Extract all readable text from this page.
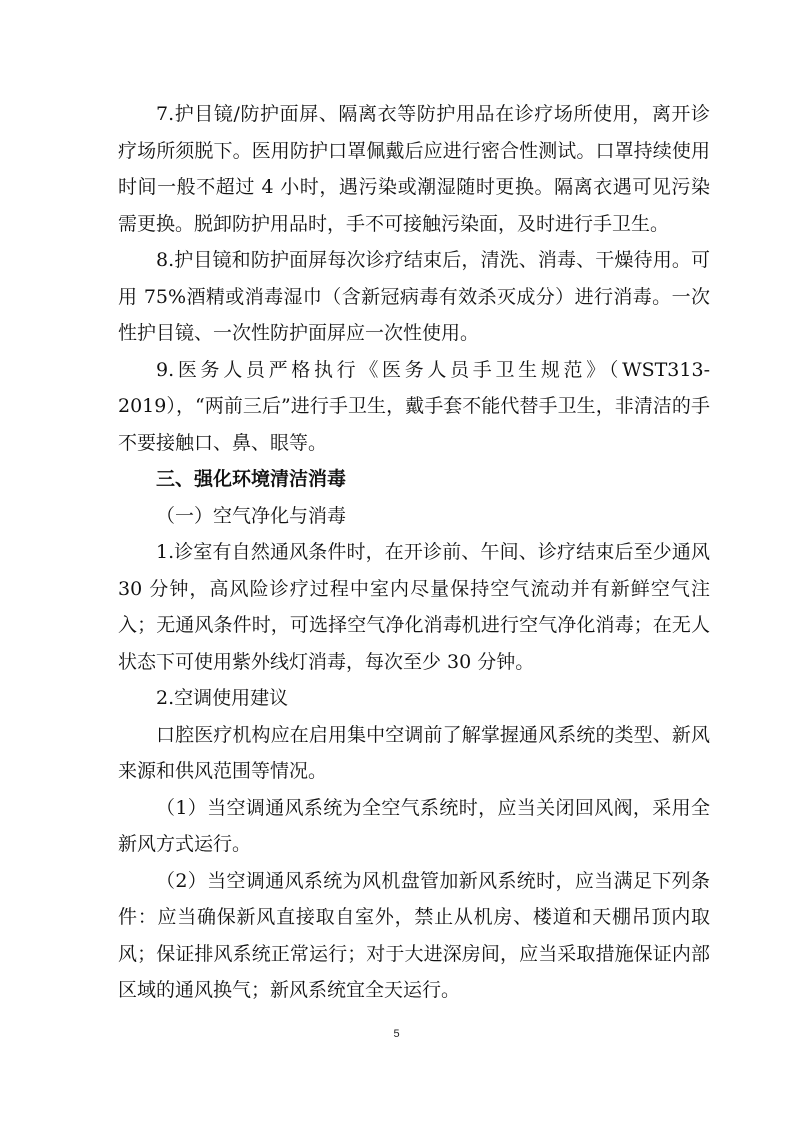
7.护目镜/防护面屏、隔离衣等防护用品在诊疗场所使用，离开诊疗场所须脱下。医用防护口罩佩戴后应进行密合性测试。口罩持续使用时间一般不超过 4 小时，遇污染或潮湿随时更换。隔离衣遇可见污染需更换。脱卸防护用品时，手不可接触污染面，及时进行手卫生。

8.护目镜和防护面屏每次诊疗结束后，清洗、消毒、干燥待用。可用 75%酒精或消毒湿巾（含新冠病毒有效杀灭成分）进行消毒。一次性护目镜、一次性防护面屏应一次性使用。

9.医务人员严格执行《医务人员手卫生规范》（WST313-2019），“两前三后”进行手卫生，戴手套不能代替手卫生，非清洁的手不要接触口、鼻、眼等。

三、强化环境清洁消毒

（一）空气净化与消毒

1.诊室有自然通风条件时，在开诊前、午间、诊疗结束后至少通风 30 分钟，高风险诊疗过程中室内尽量保持空气流动并有新鲜空气注入；无通风条件时，可选择空气净化消毒机进行空气净化消毒；在无人状态下可使用紫外线灯消毒，每次至少 30 分钟。

2.空调使用建议

口腔医疗机构应在启用集中空调前了解掌握通风系统的类型、新风来源和供风范围等情况。

（1）当空调通风系统为全空气系统时，应当关闭回风阀，采用全新风方式运行。

（2）当空调通风系统为风机盘管加新风系统时，应当满足下列条件：应当确保新风直接取自室外，禁止从机房、楼道和天棚吊顶内取风；保证排风系统正常运行；对于大进深房间，应当采取措施保证内部区域的通风换气；新风系统宜全天运行。

5
